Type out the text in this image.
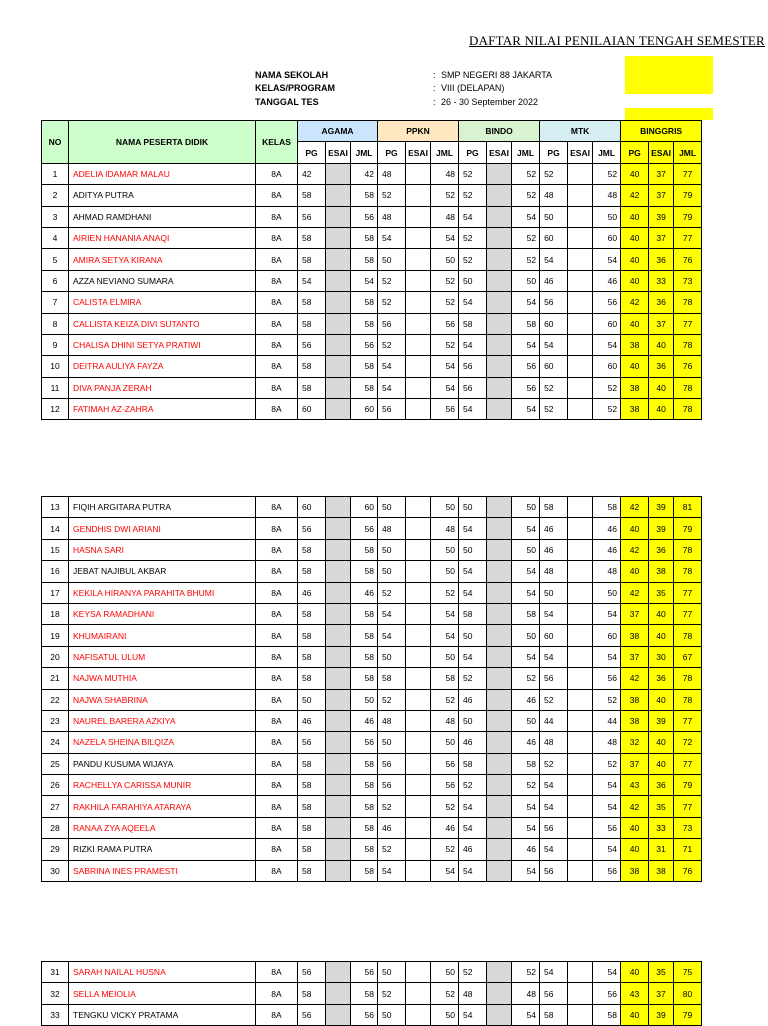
DAFTAR NILAI PENILAIAN TENGAH SEMESTER
NAMA SEKOLAH	: SMP NEGERI 88 JAKARTA
KELAS/PROGRAM	: VIII (DELAPAN)
TANGGAL TES	: 26 - 30 September 2022
NO	NAMA PESERTA DIDIK	KELAS	AGAMA			PPKN			BINDO			MTK			BINGGRIS		
			PG	ESAI	JML	PG	ESAI	JML	PG	ESAI	JML	PG	ESAI	JML	PG	ESAI	JML
1	ADELIA IDAMAR MALAU	8A	42		42	48		48	52		52	52		52	40	37	77
2	ADITYA PUTRA	8A	58		58	52		52	52		52	48		48	42	37	79
3	AHMAD RAMDHANI	8A	56		56	48		48	54		54	50		50	40	39	79
4	AIRIEN HANANIA ANAQI	8A	58		58	54		54	52		52	60		60	40	37	77
5	AMIRA SETYA KIRANA	8A	58		58	50		50	52		52	54		54	40	36	76
6	AZZA NEVIANO SUMARA	8A	54		54	52		52	50		50	46		46	40	33	73
7	CALISTA ELMIRA	8A	58		58	52		52	54		54	56		56	42	36	78
8	CALLISTA KEIZA DIVI SUTANTO	8A	58		58	56		56	58		58	60		60	40	37	77
9	CHALISA DHINI SETYA PRATIWI	8A	56		56	52		52	54		54	54		54	38	40	78
10	DEITRA AULIYA FAYZA	8A	58		58	54		54	56		56	60		60	40	36	76
11	DIVA PANJA ZERAH	8A	58		58	54		54	56		56	52		52	38	40	78
12	FATIMAH AZ-ZAHRA	8A	60		60	56		56	54		54	52		52	38	40	78
13	FIQIH ARGITARA PUTRA	8A	60		60	50		50	50		50	58		58	42	39	81
14	GENDHIS DWI ARIANI	8A	56		56	48		48	54		54	46		46	40	39	79
15	HASNA SARI	8A	58		58	50		50	50		50	46		46	42	36	78
16	JEBAT NAJIBUL AKBAR	8A	58		58	50		50	54		54	48		48	40	38	78
17	KEKILA HIRANYA PARAHITA BHUMI	8A	46		46	52		52	54		54	50		50	42	35	77
18	KEYSA RAMADHANI	8A	58		58	54		54	58		58	54		54	37	40	77
19	KHUMAIRANI	8A	58		58	54		54	50		50	60		60	38	40	78
20	NAFISATUL ULUM	8A	58		58	50		50	54		54	54		54	37	30	67
21	NAJWA MUTHIA	8A	58		58	58		58	52		52	56		56	42	36	78
22	NAJWA SHABRINA	8A	50		50	52		52	46		46	52		52	38	40	78
23	NAUREL BARERA AZKIYA	8A	46		46	48		48	50		50	44		44	38	39	77
24	NAZELA SHEINA BILQIZA	8A	56		56	50		50	46		46	48		48	32	40	72
25	PANDU KUSUMA WIJAYA	8A	58		58	56		56	58		58	52		52	37	40	77
26	RACHELLYA CARISSA MUNIR	8A	58		58	56		56	52		52	54		54	43	36	79
27	RAKHILA FARAHIYA ATARAYA	8A	58		58	52		52	54		54	54		54	42	35	77
28	RANAA ZYA AQEELA	8A	58		58	46		46	54		54	56		56	40	33	73
29	RIZKI RAMA PUTRA	8A	58		58	52		52	46		46	54		54	40	31	71
30	SABRINA INES PRAMESTI	8A	58		58	54		54	54		54	56		56	38	38	76
31	SARAH NAILAL HUSNA	8A	56		56	50		50	52		52	54		54	40	35	75
32	SELLA MEIOLIA	8A	58		58	52		52	48		48	56		56	43	37	80
33	TENGKU VICKY PRATAMA	8A	56		56	50		50	54		54	58		58	40	39	79
